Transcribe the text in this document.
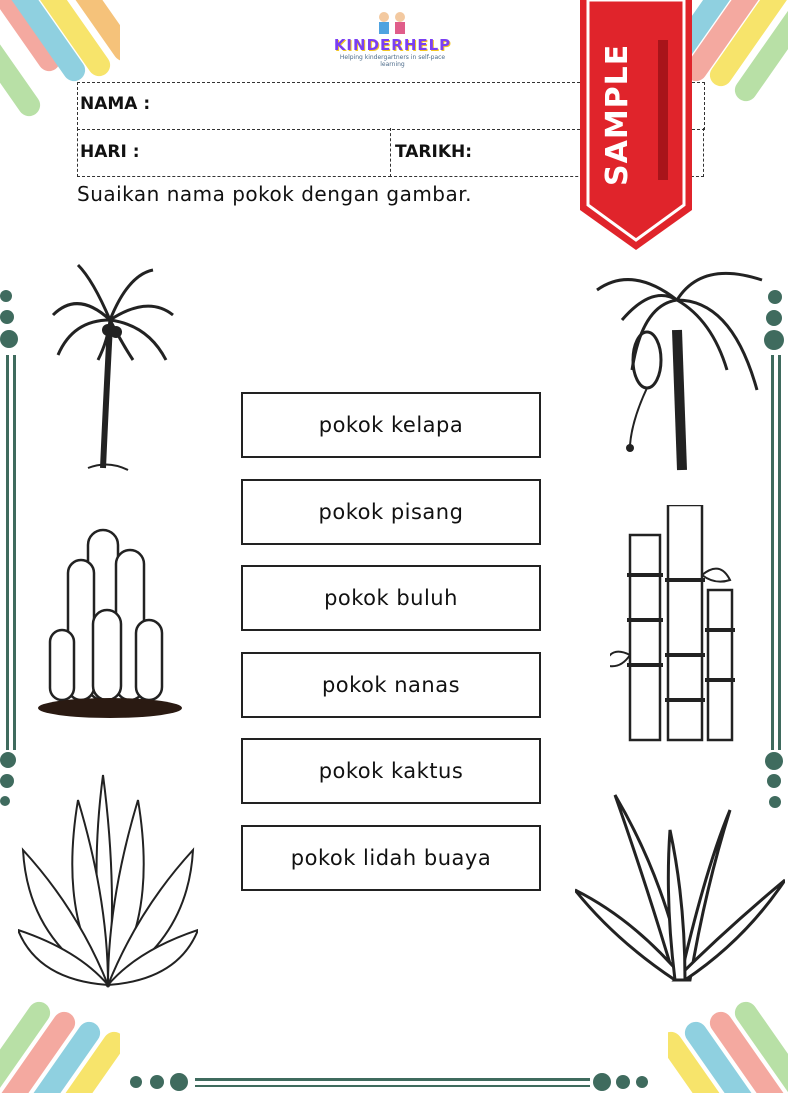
KINDERHELP
Helping kindergartners in self-pace learning
NAMA :
HARI :	TARIKH:	SAMPLE
Suaikan nama pokok dengan gambar.
pokok kelapa
pokok pisang
pokok buluh
pokok nanas
pokok kaktus
pokok lidah buaya
